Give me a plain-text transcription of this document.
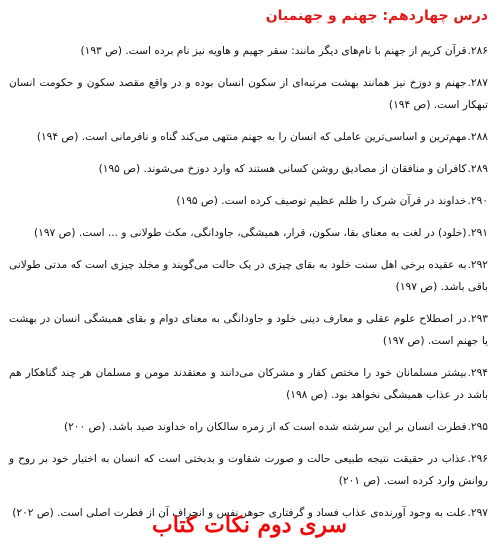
درس چهاردهم: جهنم و جهنمیان

۲۸۶.قرآن کریم از جهنم با نام‌های دیگر مانند: سقر جهیم و هاویه نیز نام برده است. (ص ۱۹۳)

۲۸۷.جهنم و دوزخ نیز همانند بهشت مرتبه‌ای از سکون انسان بوده و در واقع مقصد سکون و حکومت انسان تبهکار است. (ص ۱۹۴)

۲۸۸.مهم‌ترین و اساسی‌ترین عاملی که انسان را به جهنم منتهی می‌کند گناه و نافرمانی است. (ص ۱۹۴)

۲۸۹.کافران و منافقان از مصادیق روشن کسانی هستند که وارد دوزخ می‌شوند. (ص ۱۹۵)

۲۹۰.خداوند در قرآن شرک را ظلم عظیم توصیف کرده است. (ص ۱۹۵)

۲۹۱.(خلود) در لغت به معنای بقا، سکون، قرار، همیشگی، جاودانگی، مکث طولانی و ... است. (ص ۱۹۷)

۲۹۲.به عقیده برخی اهل سنت خلود به بقای چیزی در یک حالت می‌گویند و مخلد چیزی است که مدتی طولانی باقی باشد. (ص ۱۹۷)

۲۹۳.در اصطلاح علوم عقلی و معارف دینی خلود و جاودانگی به معنای دوام و بقای همیشگی انسان در بهشت یا جهنم است. (ص ۱۹۷)

۲۹۴.بیشتر مسلمانان خود را مختص کفار و مشرکان می‌دانند و معتقدند مومن و مسلمان هر چند گناهکار هم باشد در عذاب همیشگی نخواهد بود. (ص ۱۹۸)

۲۹۵.فطرت انسان بر این سرشته شده است که از زمره سالکان راه خداوند صید باشد. (ص ۲۰۰)

۲۹۶.عذاب در حقیقت نتیجه طبیعی حالت و صورت شقاوت و بدبختی است که انسان به اختیار خود بر روح و روانش وارد کرده است. (ص ۲۰۱)

۲۹۷.علت به وجود آورنده‌ی عذاب فساد و گرفتاری جوهر نفس و انحراف آن از فطرت اصلی است. (ص ۲۰۲)

سری دوم نکات کتاب
